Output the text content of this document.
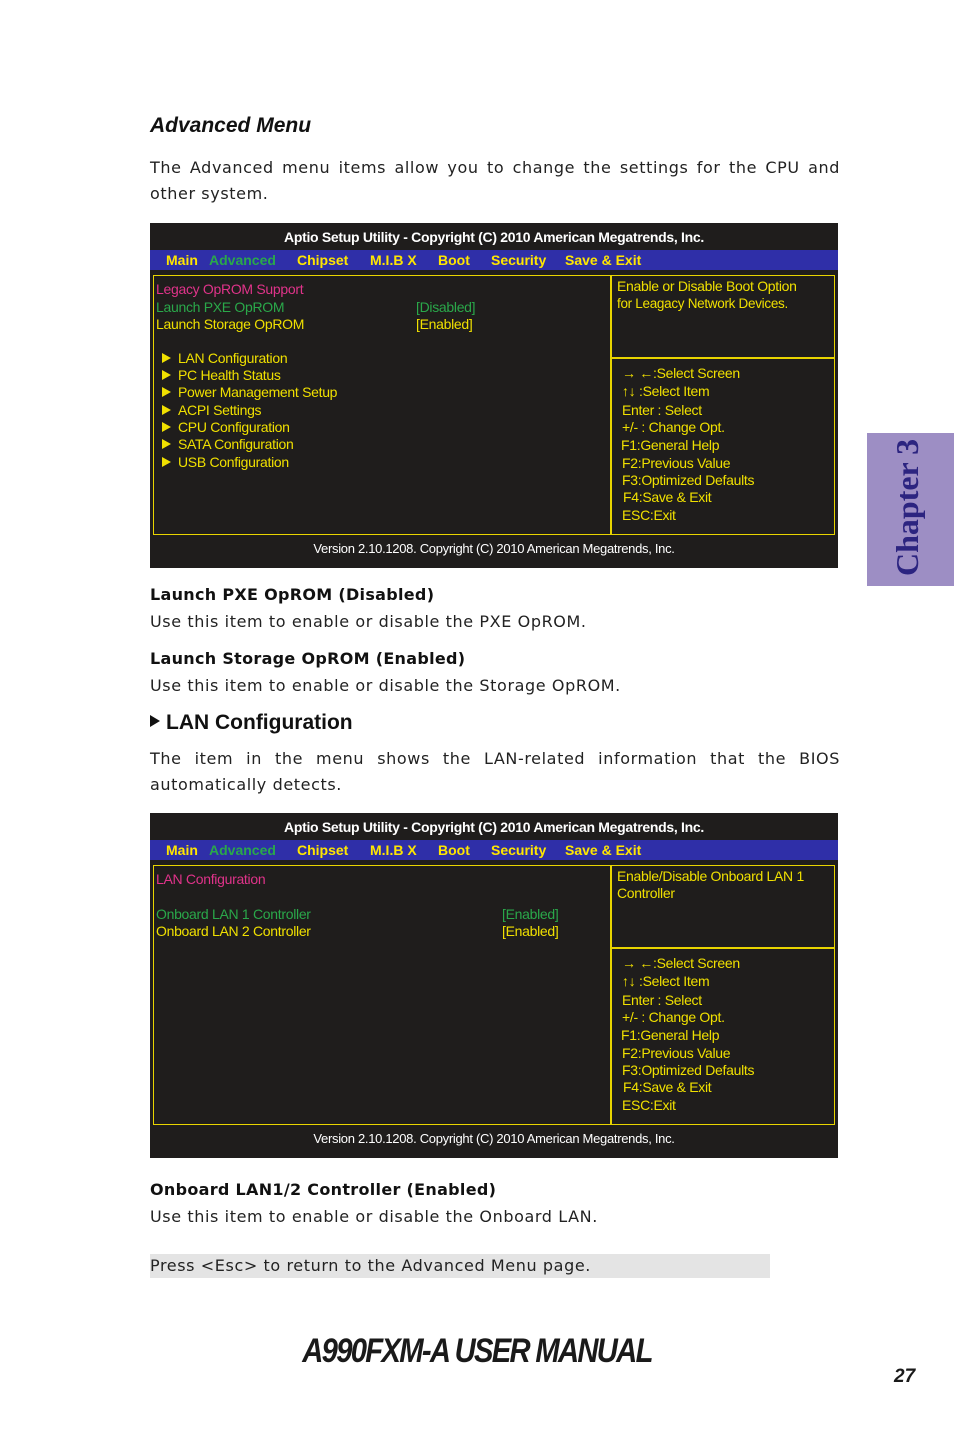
Advanced Menu
The Advanced menu items allow you to change the settings for the CPU and
other system.
Aptio Setup Utility - Copyright (C) 2010 American Megatrends, Inc.
Main Advanced Chipset M.I.B X Boot Security Save & Exit
Legacy OpROM Support
Launch PXE OpROM	[Disabled]
Launch Storage OpROM	[Enabled]
LAN Configuration
PC Health Status
Power Management Setup
ACPI Settings
CPU Configuration
SATA Configuration
USB Configuration
Enable or Disable Boot Option
for Leagacy Network Devices.
→ ←:Select Screen
↑↓ :Select Item
Enter : Select
+/- : Change Opt.
F1:General Help
F2:Previous Value
F3:Optimized Defaults
F4:Save & Exit
ESC:Exit
Version 2.10.1208. Copyright (C) 2010 American Megatrends, Inc.
Launch PXE OpROM (Disabled)
Use this item to enable or disable the PXE OpROM.
Launch Storage OpROM (Enabled)
Use this item to enable or disable the Storage OpROM.
LAN Configuration
The item in the menu shows the LAN-related information that the BIOS
automatically detects.
Aptio Setup Utility - Copyright (C) 2010 American Megatrends, Inc.
Main Advanced Chipset M.I.B X Boot Security Save & Exit
LAN Configuration
Onboard LAN 1 Controller	[Enabled]
Onboard LAN 2 Controller	[Enabled]
Enable/Disable Onboard LAN 1
Controller
→ ←:Select Screen
↑↓ :Select Item
Enter : Select
+/- : Change Opt.
F1:General Help
F2:Previous Value
F3:Optimized Defaults
F4:Save & Exit
ESC:Exit
Version 2.10.1208. Copyright (C) 2010 American Megatrends, Inc.
Onboard LAN1/2 Controller (Enabled)
Use this item to enable or disable the Onboard LAN.
Press <Esc> to return to the Advanced Menu page.
Chapter 3
A990FXM-A USER MANUAL
27
